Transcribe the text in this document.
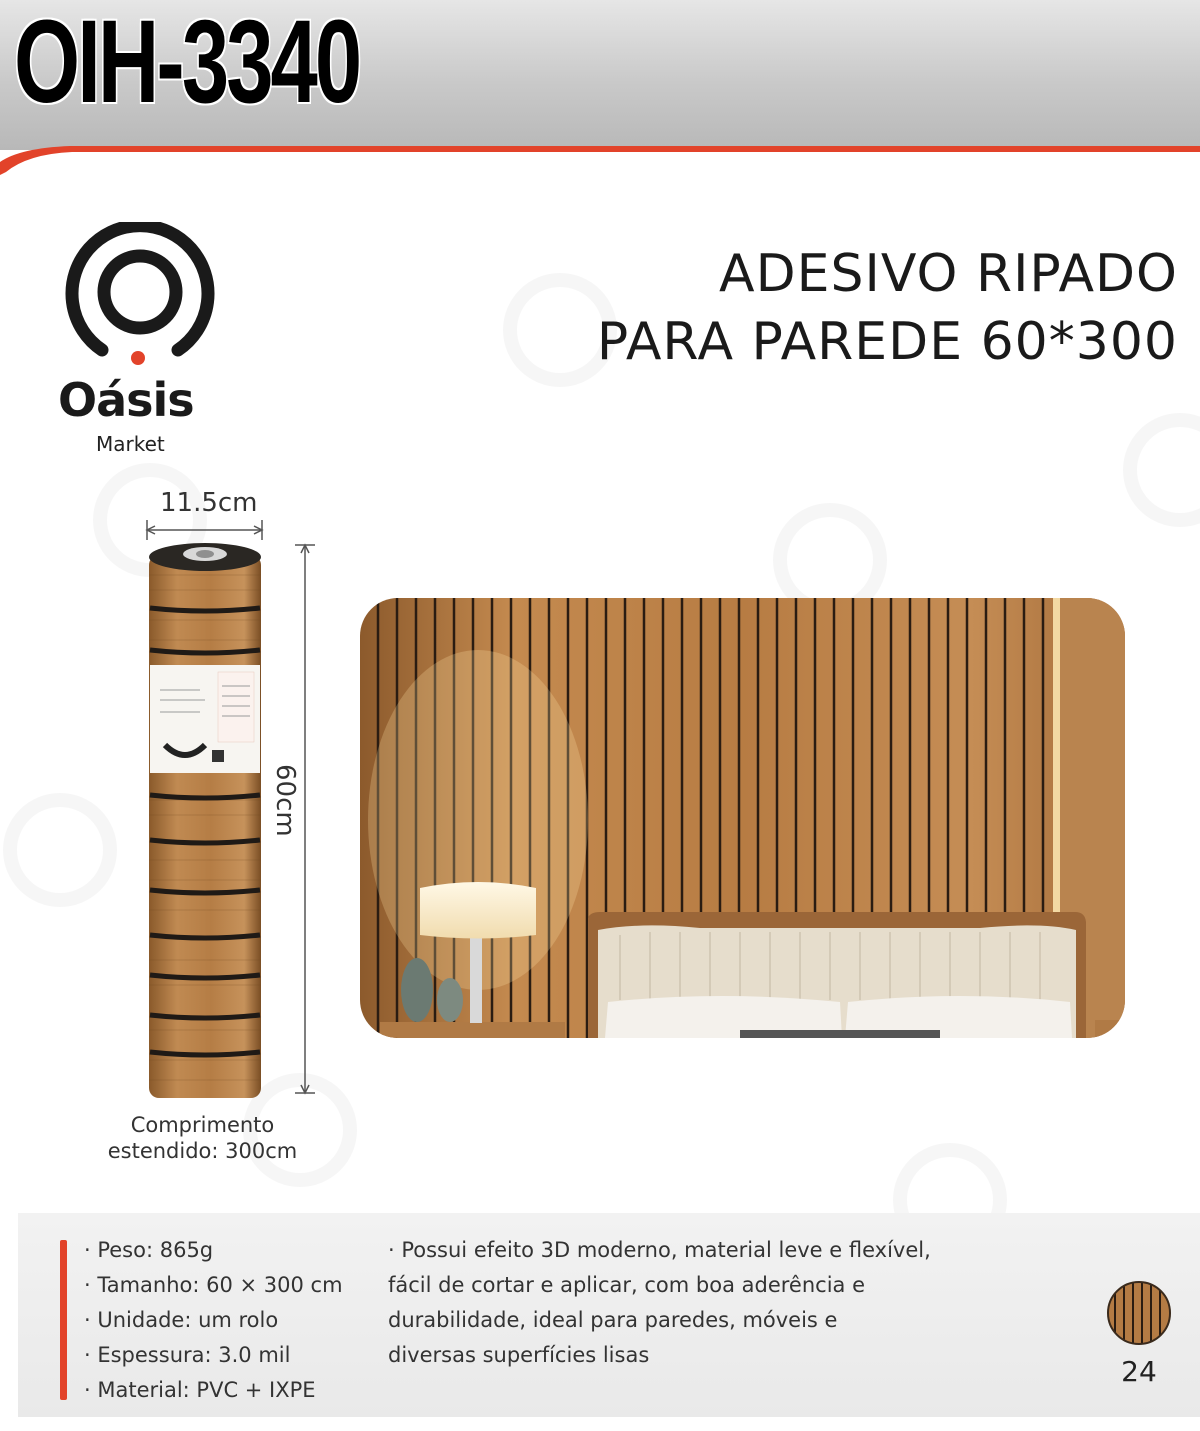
OIH-3340
Oásis
Market
ADESIVO RIPADO
PARA PAREDE 60*300
11.5cm
60cm
Comprimento
estendido: 300cm
· Peso: 865g
· Tamanho: 60 × 300 cm
· Unidade: um rolo
· Espessura: 3.0 mil
· Material: PVC + IXPE
· Possui efeito 3D moderno, material leve e flexível,
fácil de cortar e aplicar, com boa aderência e
durabilidade, ideal para paredes, móveis e
diversas superfícies lisas	24
